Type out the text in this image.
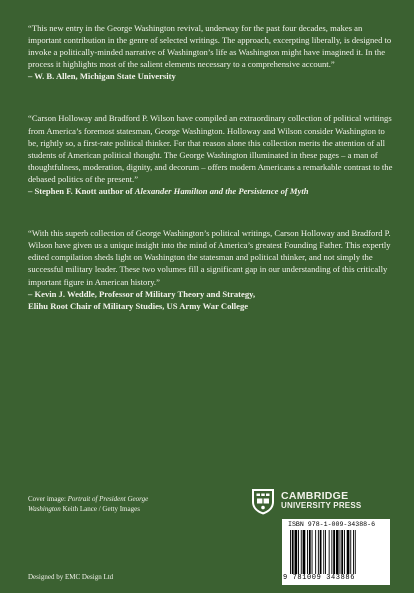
“This new entry in the George Washington revival, underway for the past four decades, makes an important contribution in the genre of selected writings. The approach, excerpting liberally, is designed to invoke a politically-minded narrative of Washington’s life as Washington might have imagined it. In the process it highlights most of the salient elements necessary to a comprehensive account.”

– W. B. Allen, Michigan State University

“Carson Holloway and Bradford P. Wilson have compiled an extraordinary collection of political writings from America’s foremost statesman, George Washington. Holloway and Wilson consider Washington to be, rightly so, a first-rate political thinker. For that reason alone this collection merits the attention of all students of American political thought. The George Washington illuminated in these pages – a man of thoughtfulness, moderation, dignity, and decorum – offers modern Americans a remarkable contrast to the debased politics of the present.”

– Stephen F. Knott author of Alexander Hamilton and the Persistence of Myth

“With this superb collection of George Washington’s political writings, Carson Holloway and Bradford P. Wilson have given us a unique insight into the mind of America’s greatest Founding Father. This expertly edited compilation sheds light on Washington the statesman and political thinker, and not simply the successful military leader. These two volumes fill a significant gap in our understanding of this critically important figure in American history.”

– Kevin J. Weddle, Professor of Military Theory and Strategy,

Elihu Root Chair of Military Studies, US Army War College

Cover image: Portrait of President George Washington Keith Lance / Getty Images
Designed by EMC Design Ltd
CAMBRIDGE
UNIVERSITY PRESS
ISBN 978-1-009-34388-6
9 781009 343886
